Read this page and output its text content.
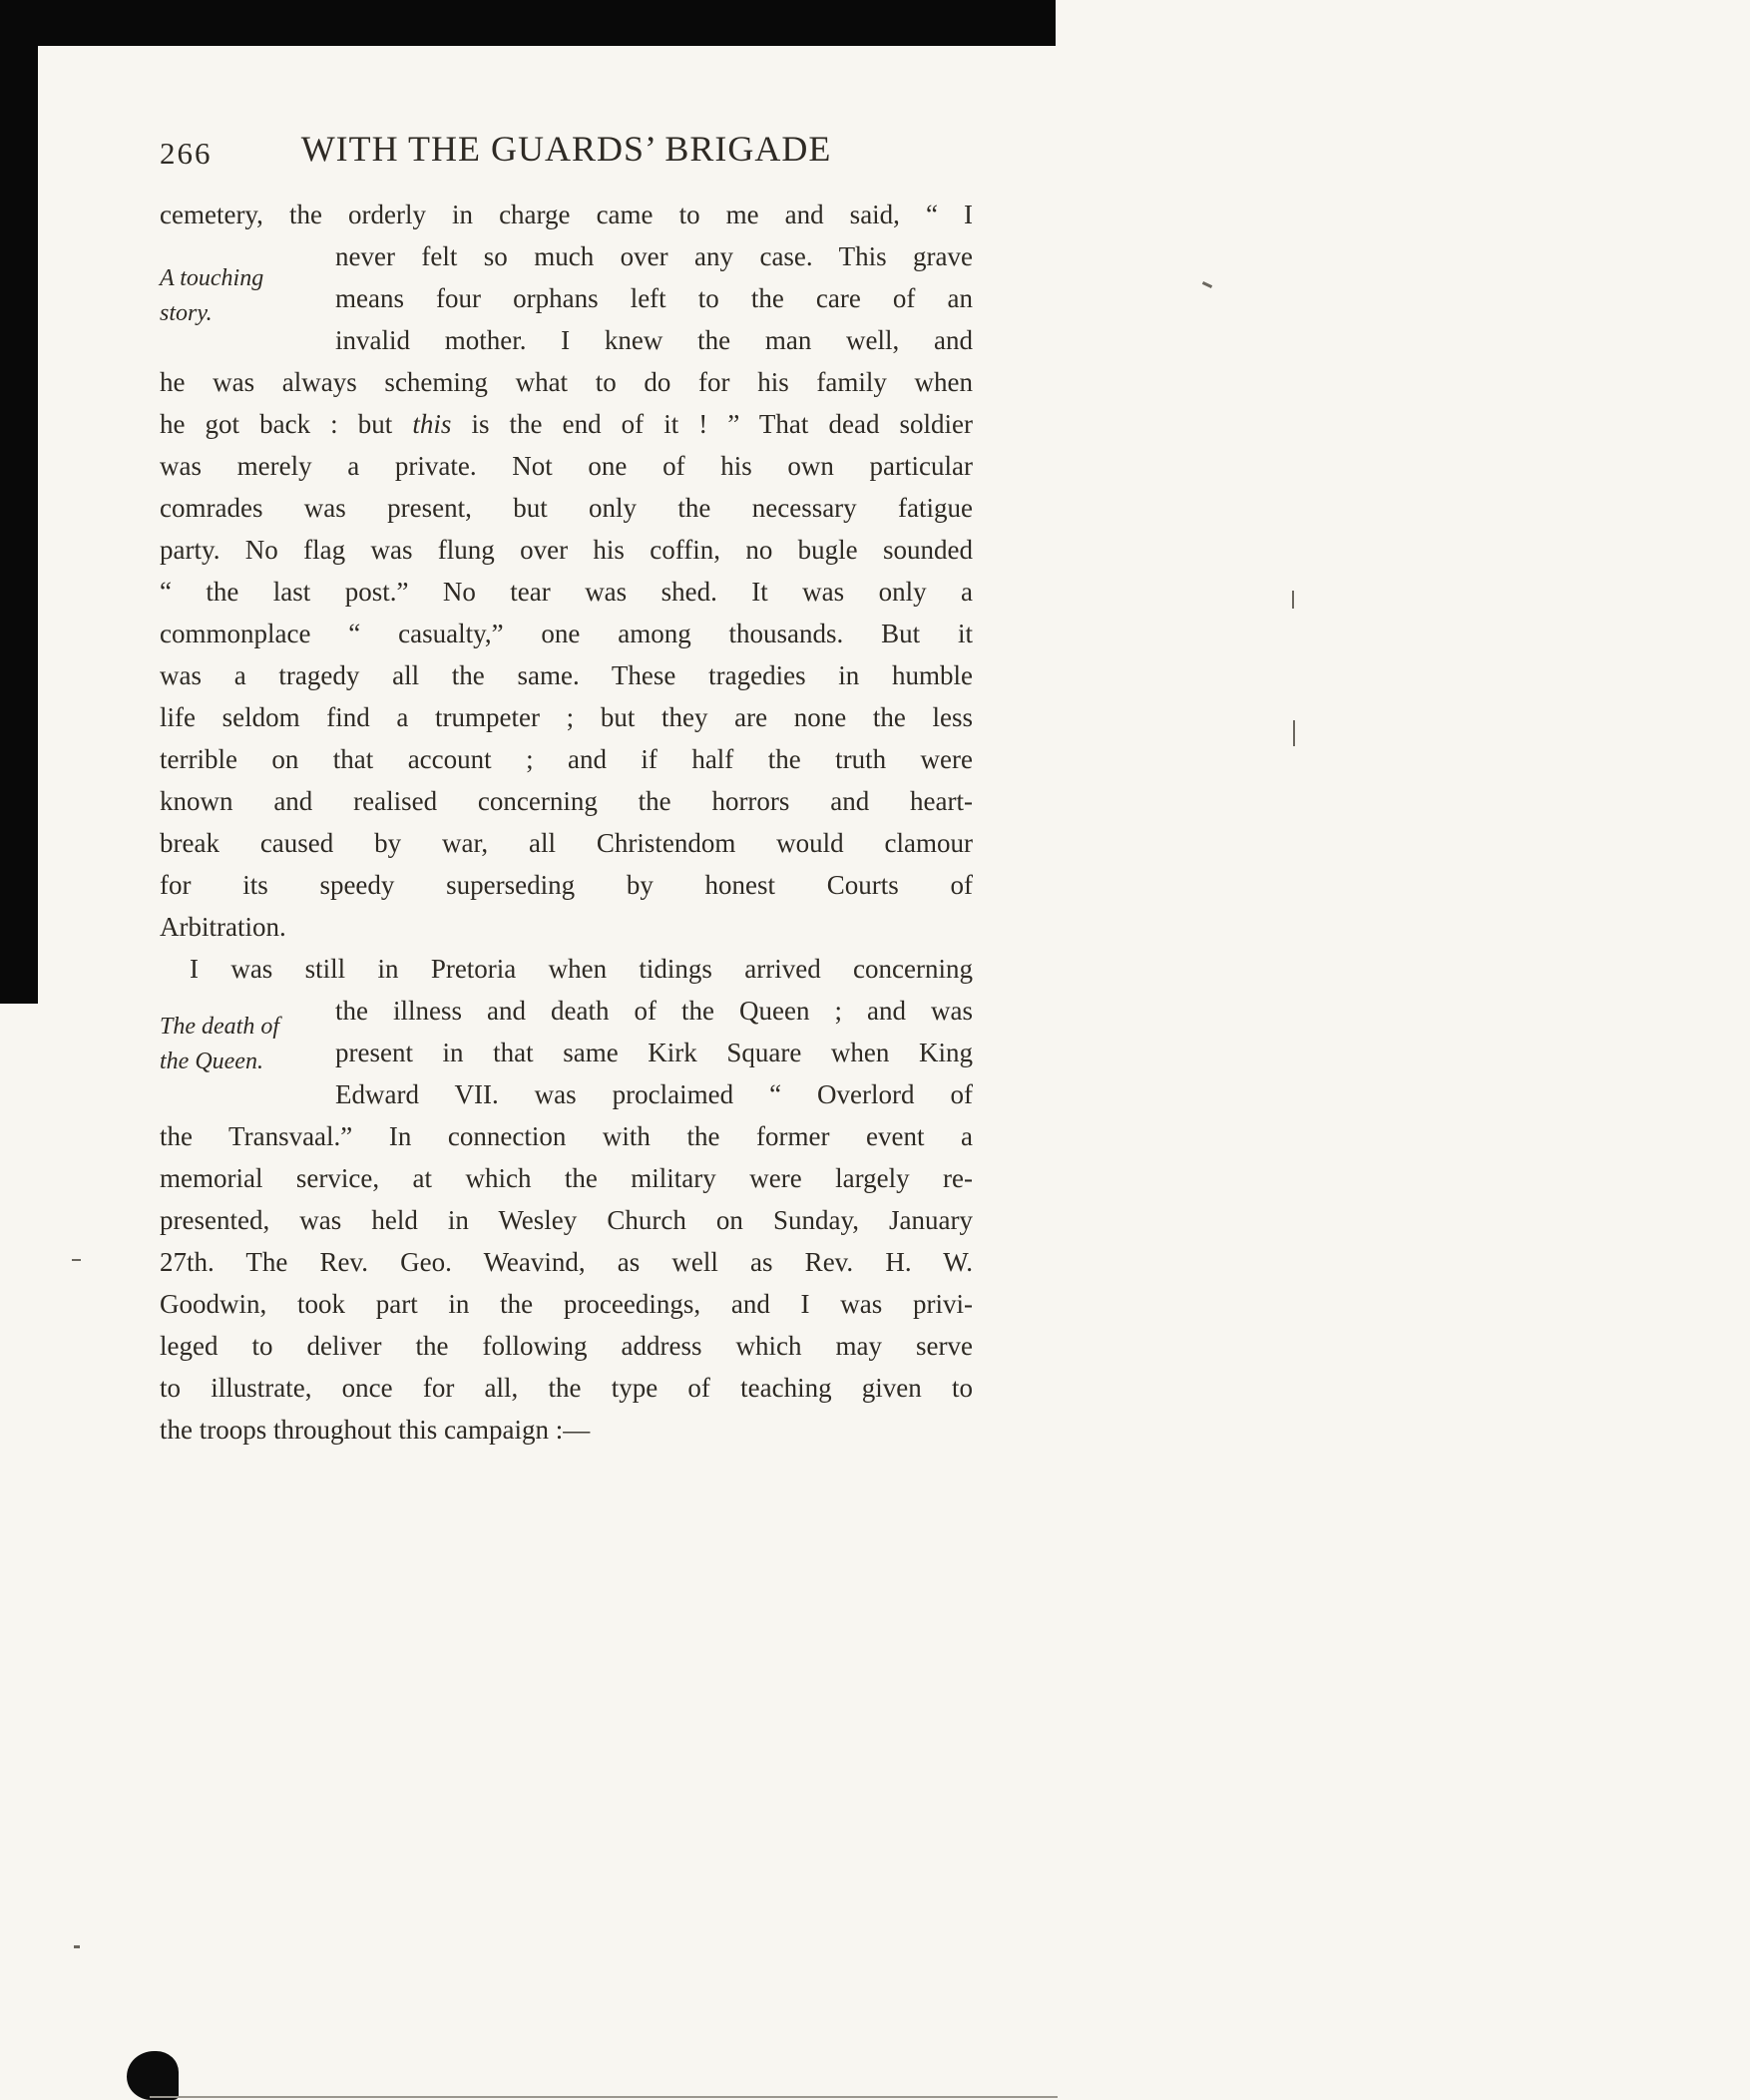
266	WITH THE GUARDS’ BRIGADE
A touching
story.
The death of
the Queen.
cemetery, the orderly in charge came to me and said, “ I
never felt so much over any case. This grave
means four orphans left to the care of an
invalid mother. I knew the man well, and
he was always scheming what to do for his family when
he got back : but this is the end of it ! ” That dead soldier
was merely a private. Not one of his own particular
comrades was present, but only the necessary fatigue
party. No flag was flung over his coffin, no bugle sounded
“ the last post.” No tear was shed. It was only a
commonplace “ casualty,” one among thousands. But it
was a tragedy all the same. These tragedies in humble
life seldom find a trumpeter ; but they are none the less
terrible on that account ; and if half the truth were
known and realised concerning the horrors and heart-
break caused by war, all Christendom would clamour
for its speedy superseding by honest Courts of
Arbitration.
I was still in Pretoria when tidings arrived concerning
the illness and death of the Queen ; and was
present in that same Kirk Square when King
Edward VII. was proclaimed “ Overlord of
the Transvaal.” In connection with the former event a
memorial service, at which the military were largely re-
presented, was held in Wesley Church on Sunday, January
27th. The Rev. Geo. Weavind, as well as Rev. H. W.
Goodwin, took part in the proceedings, and I was privi-
leged to deliver the following address which may serve
to illustrate, once for all, the type of teaching given to
the troops throughout this campaign :—
